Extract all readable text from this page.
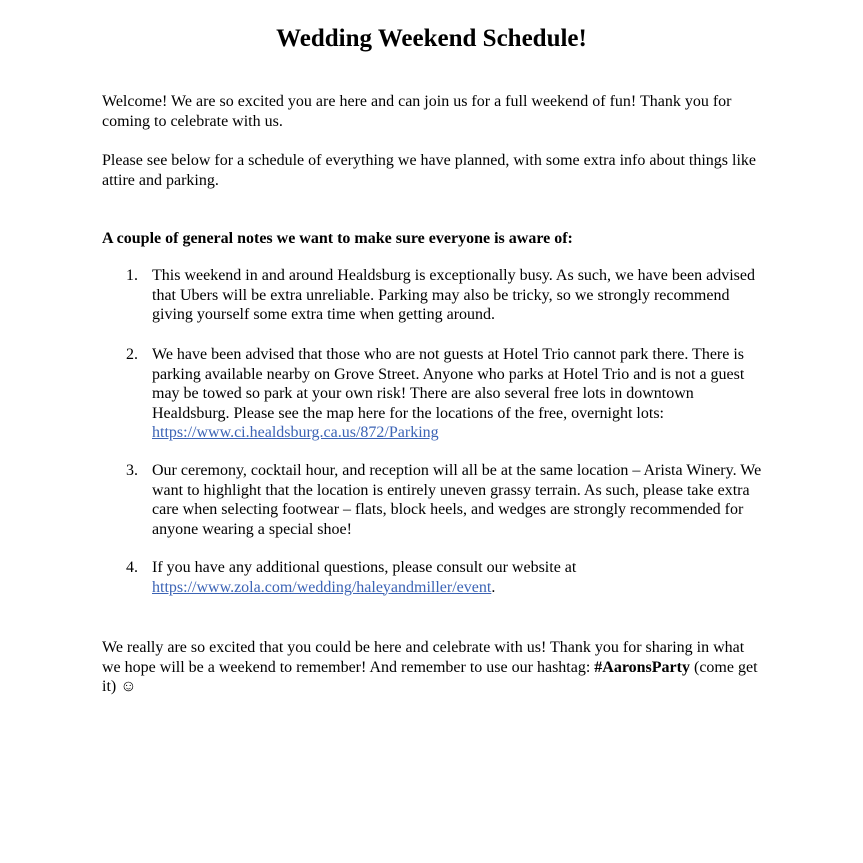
Wedding Weekend Schedule!

Welcome! We are so excited you are here and can join us for a full weekend of fun! Thank you for coming to celebrate with us.

Please see below for a schedule of everything we have planned, with some extra info about things like attire and parking.

A couple of general notes we want to make sure everyone is aware of:

1. This weekend in and around Healdsburg is exceptionally busy. As such, we have been advised that Ubers will be extra unreliable. Parking may also be tricky, so we strongly recommend giving yourself some extra time when getting around.
2. We have been advised that those who are not guests at Hotel Trio cannot park there. There is parking available nearby on Grove Street. Anyone who parks at Hotel Trio and is not a guest may be towed so park at your own risk! There are also several free lots in downtown Healdsburg. Please see the map here for the locations of the free, overnight lots: https://www.ci.healdsburg.ca.us/872/Parking
3. Our ceremony, cocktail hour, and reception will all be at the same location – Arista Winery. We want to highlight that the location is entirely uneven grassy terrain. As such, please take extra care when selecting footwear – flats, block heels, and wedges are strongly recommended for anyone wearing a special shoe!
4. If you have any additional questions, please consult our website at https://www.zola.com/wedding/haleyandmiller/event.

We really are so excited that you could be here and celebrate with us! Thank you for sharing in what we hope will be a weekend to remember! And remember to use our hashtag: #AaronsParty (come get it) ☺
